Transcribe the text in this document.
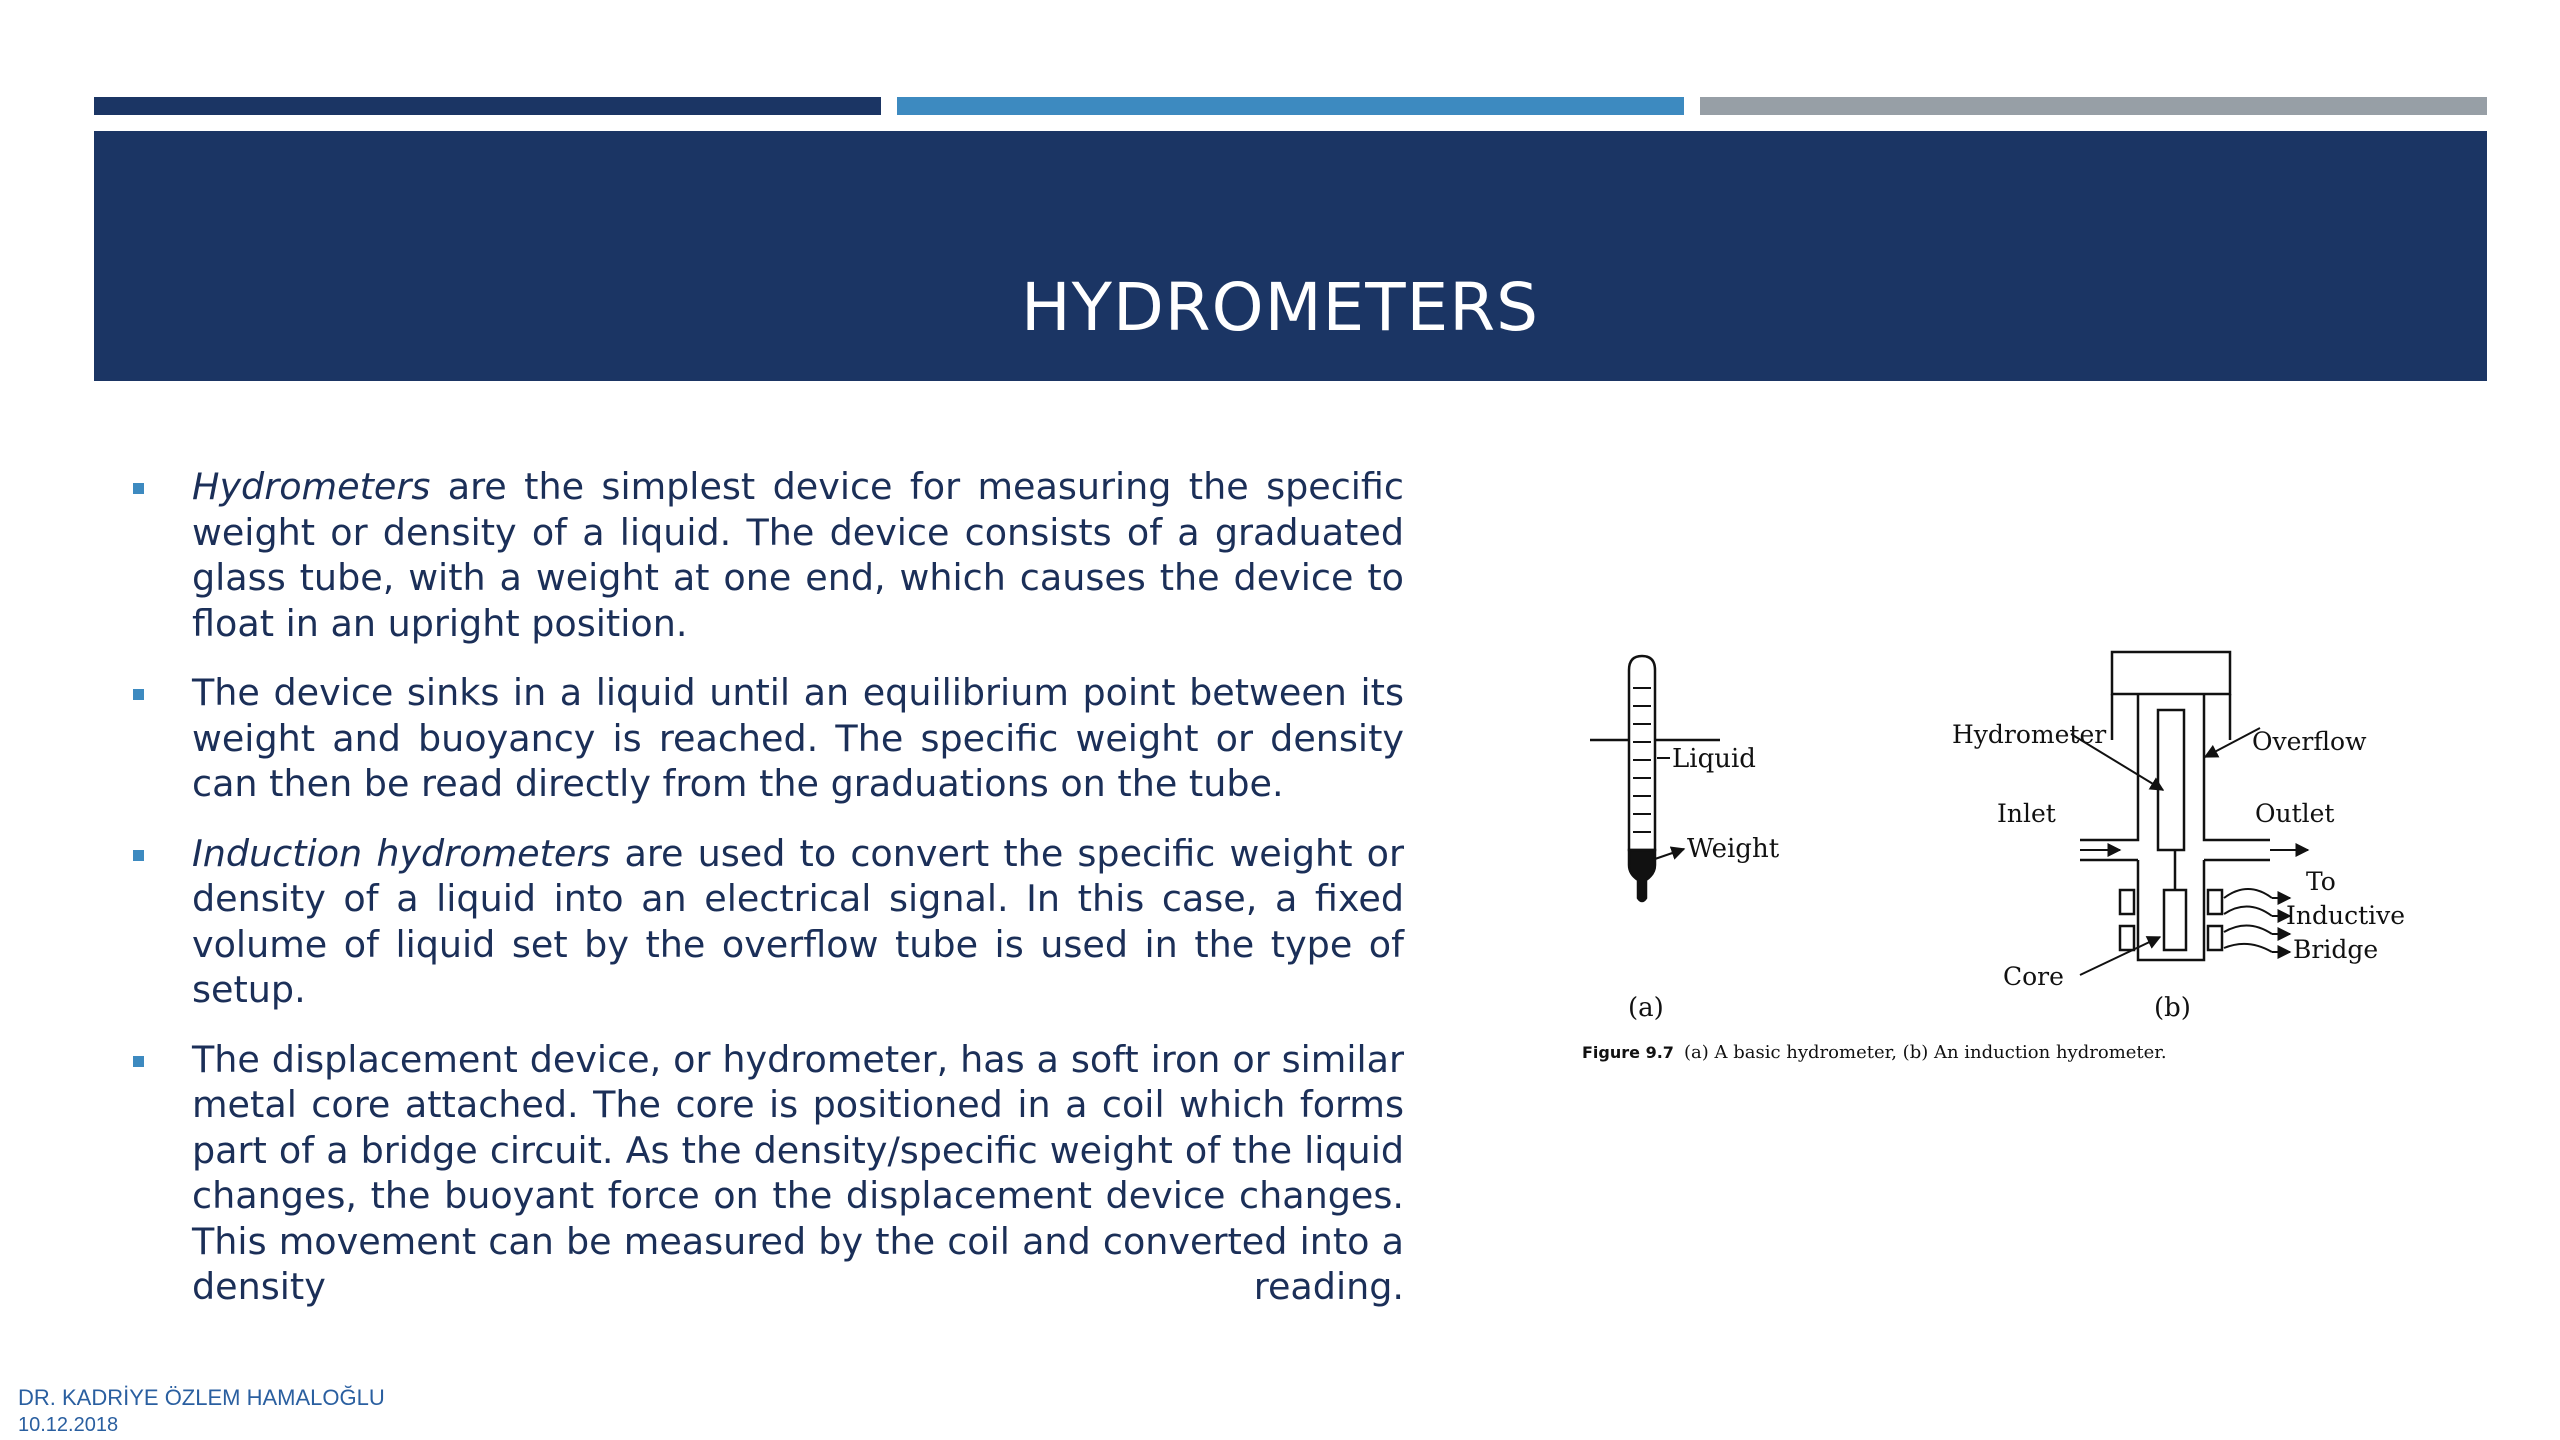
HYDROMETERS
Hydrometers are the simplest device for measuring the specific weight or density of a liquid. The device consists of a graduated glass tube, with a weight at one end, which causes the device to float in an upright position.
The device sinks in a liquid until an equilibrium point between its weight and buoyancy is reached. The specific weight or density can then be read directly from the graduations on the tube.
Induction hydrometers are used to convert the specific weight or density of a liquid into an electrical signal. In this case, a fixed volume of liquid set by the overflow tube is used in the type of setup.
The displacement device, or hydrometer, has a soft iron or similar metal core attached. The core is positioned in a coil which forms part of a bridge circuit. As the density/specific weight of the liquid changes, the buoyant force on the displacement device changes. This movement can be measured by the coil and converted into a density reading.
Liquid
Weight
(a)
Hydrometer	Overflow
Inlet	Outlet
To
Inductive
Bridge
Core
(b)
Figure 9.7 (a) A basic hydrometer, (b) An induction hydrometer.
DR. KADRİYE ÖZLEM HAMALOĞLU
10.12.2018
